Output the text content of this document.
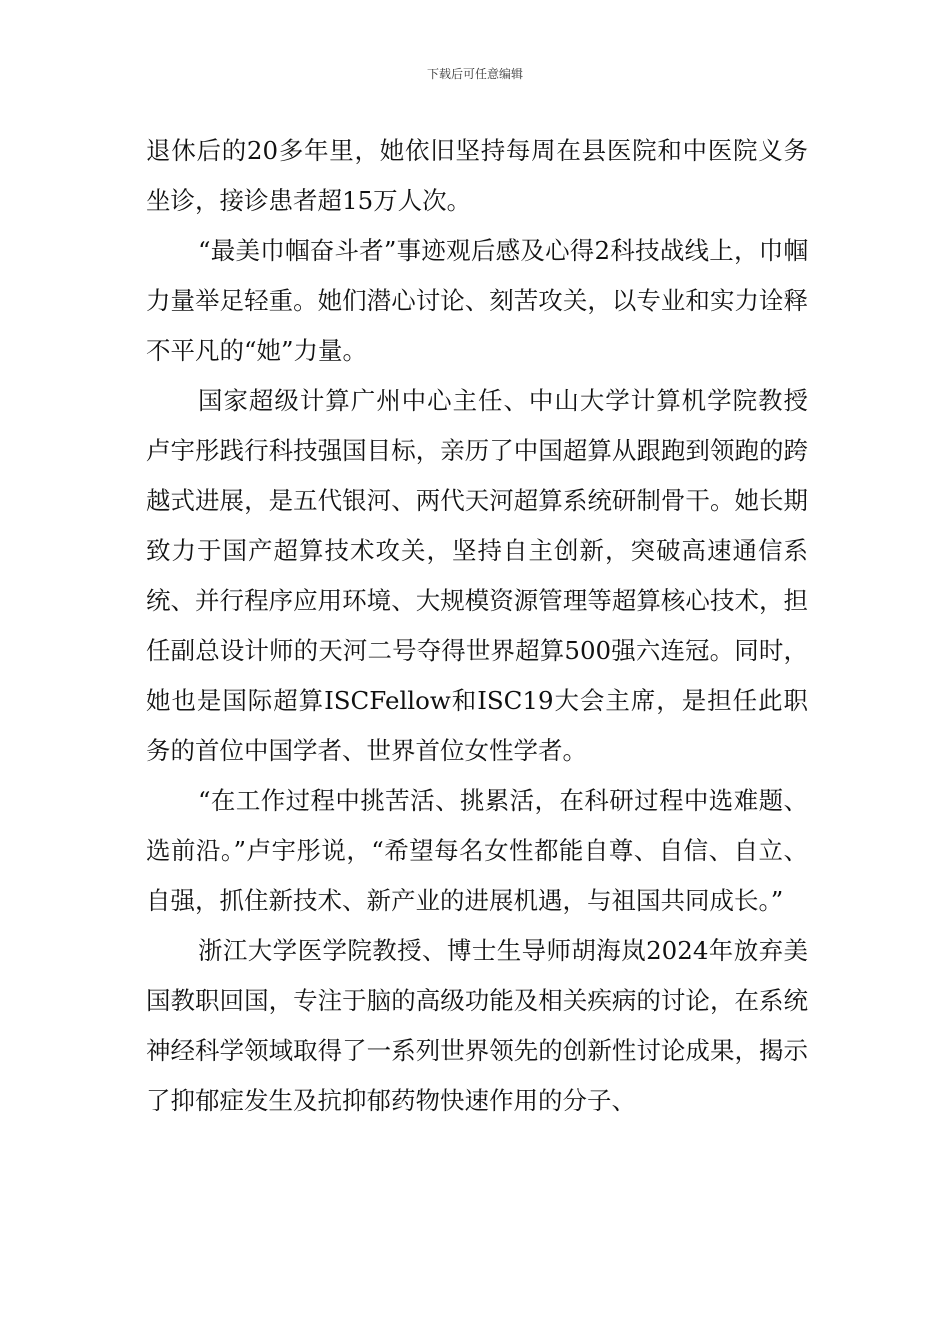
下载后可任意编辑

退休后的20多年里，她依旧坚持每周在县医院和中医院义务坐诊，接诊患者超15万人次。

“最美巾帼奋斗者”事迹观后感及心得2科技战线上，巾帼力量举足轻重。她们潜心讨论、刻苦攻关，以专业和实力诠释不平凡的“她”力量。

国家超级计算广州中心主任、中山大学计算机学院教授卢宇彤践行科技强国目标，亲历了中国超算从跟跑到领跑的跨越式进展，是五代银河、两代天河超算系统研制骨干。她长期致力于国产超算技术攻关，坚持自主创新，突破高速通信系统、并行程序应用环境、大规模资源管理等超算核心技术，担任副总设计师的天河二号夺得世界超算500强六连冠。同时，她也是国际超算ISCFellow和ISC19大会主席，是担任此职务的首位中国学者、世界首位女性学者。

“在工作过程中挑苦活、挑累活，在科研过程中选难题、选前沿。”卢宇彤说，“希望每名女性都能自尊、自信、自立、自强，抓住新技术、新产业的进展机遇，与祖国共同成长。”

浙江大学医学院教授、博士生导师胡海岚2024年放弃美国教职回国，专注于脑的高级功能及相关疾病的讨论，在系统神经科学领域取得了一系列世界领先的创新性讨论成果，揭示了抑郁症发生及抗抑郁药物快速作用的分子、
